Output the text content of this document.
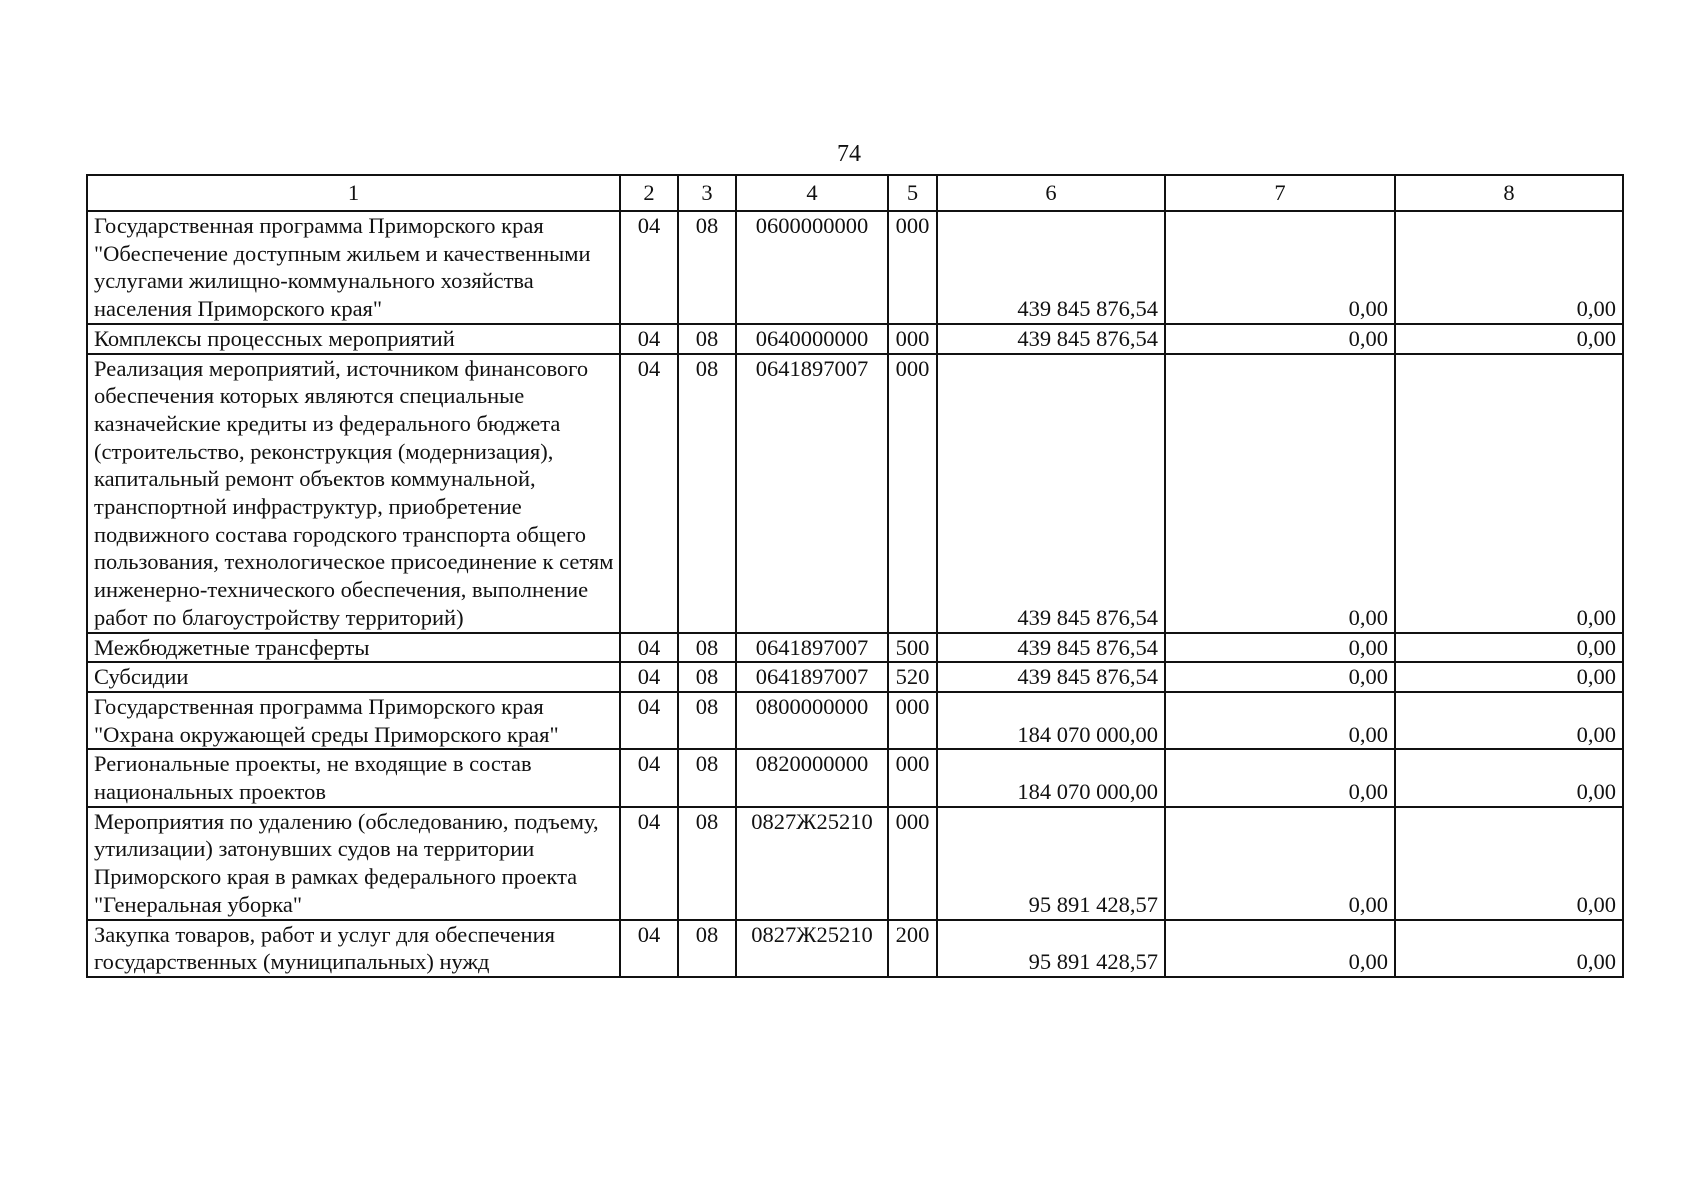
74
1	2	3	4	5	6	7	8
Государственная программа Приморского края "Обеспечение доступным жильем и качественными услугами жилищно-коммунального хозяйства населения Приморского края"	04	08	0600000000	000	439 845 876,54	0,00	0,00
Комплексы процессных мероприятий	04	08	0640000000	000	439 845 876,54	0,00	0,00
Реализация мероприятий, источником финансового обеспечения которых являются специальные казначейские кредиты из федерального бюджета (строительство, реконструкция (модернизация), капитальный ремонт объектов коммунальной, транспортной инфраструктур, приобретение подвижного состава городского транспорта общего пользования, технологическое присоединение к сетям инженерно-технического обеспечения, выполнение работ по благоустройству территорий)	04	08	0641897007	000	439 845 876,54	0,00	0,00
Межбюджетные трансферты	04	08	0641897007	500	439 845 876,54	0,00	0,00
Субсидии	04	08	0641897007	520	439 845 876,54	0,00	0,00
Государственная программа Приморского края "Охрана окружающей среды Приморского края"	04	08	0800000000	000	184 070 000,00	0,00	0,00
Региональные проекты, не входящие в состав национальных проектов	04	08	0820000000	000	184 070 000,00	0,00	0,00
Мероприятия по удалению (обследованию, подъему, утилизации) затонувших судов на территории Приморского края в рамках федерального проекта "Генеральная уборка"	04	08	0827Ж25210	000	95 891 428,57	0,00	0,00
Закупка товаров, работ и услуг для обеспечения государственных (муниципальных) нужд	04	08	0827Ж25210	200	95 891 428,57	0,00	0,00
